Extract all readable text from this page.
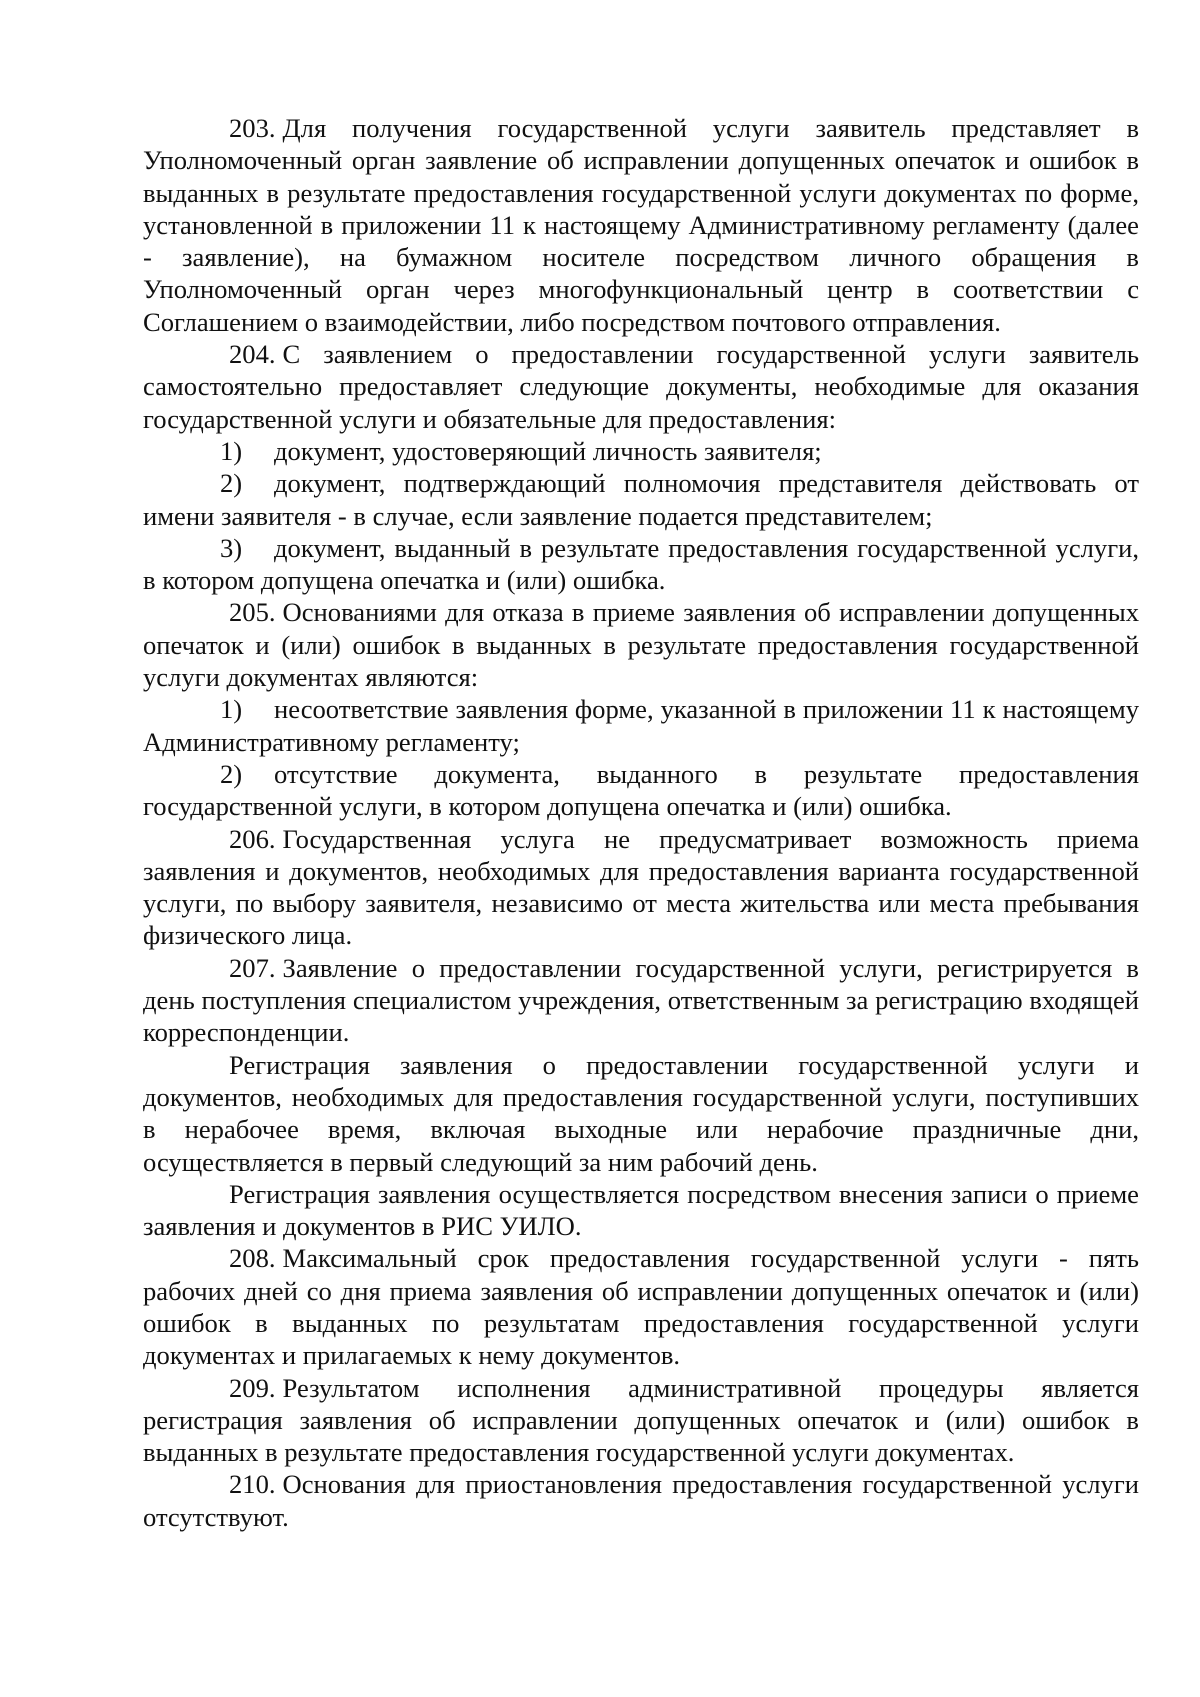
203. Для получения государственной услуги заявитель представляет в Уполномоченный орган заявление об исправлении допущенных опечаток и ошибок в выданных в результате предоставления государственной услуги документах по форме, установленной в приложении 11 к настоящему Административному регламенту (далее - заявление), на бумажном носителе посредством личного обращения в Уполномоченный орган через многофункциональный центр в соответствии с Соглашением о взаимодействии, либо посредством почтового отправления.

204. С заявлением о предоставлении государственной услуги заявитель самостоятельно предоставляет следующие документы, необходимые для оказания государственной услуги и обязательные для предоставления:

1) документ, удостоверяющий личность заявителя;

2) документ, подтверждающий полномочия представителя действовать от имени заявителя - в случае, если заявление подается представителем;

3) документ, выданный в результате предоставления государственной услуги, в котором допущена опечатка и (или) ошибка.

205. Основаниями для отказа в приеме заявления об исправлении допущенных опечаток и (или) ошибок в выданных в результате предоставления государственной услуги документах являются:

1) несоответствие заявления форме, указанной в приложении 11 к настоящему Административному регламенту;

2) отсутствие документа, выданного в результате предоставления государственной услуги, в котором допущена опечатка и (или) ошибка.

206. Государственная услуга не предусматривает возможность приема заявления и документов, необходимых для предоставления варианта государственной услуги, по выбору заявителя, независимо от места жительства или места пребывания физического лица.

207. Заявление о предоставлении государственной услуги, регистрируется в день поступления специалистом учреждения, ответственным за регистрацию входящей корреспонденции.

Регистрация заявления о предоставлении государственной услуги и документов, необходимых для предоставления государственной услуги, поступивших в нерабочее время, включая выходные или нерабочие праздничные дни, осуществляется в первый следующий за ним рабочий день.

Регистрация заявления осуществляется посредством внесения записи о приеме заявления и документов в РИС УИЛО.

208. Максимальный срок предоставления государственной услуги - пять рабочих дней со дня приема заявления об исправлении допущенных опечаток и (или) ошибок в выданных по результатам предоставления государственной услуги документах и прилагаемых к нему документов.

209. Результатом исполнения административной процедуры является регистрация заявления об исправлении допущенных опечаток и (или) ошибок в выданных в результате предоставления государственной услуги документах.

210. Основания для приостановления предоставления государственной услуги отсутствуют.
